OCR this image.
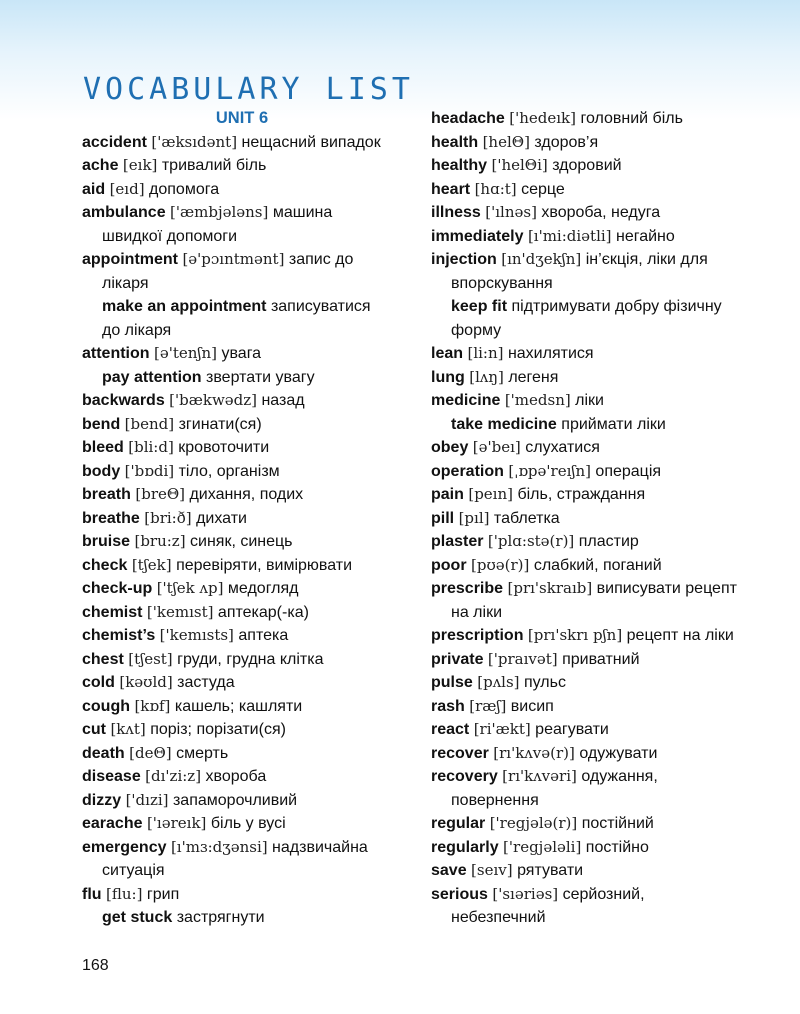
VOCABULARY LIST
UNIT 6
accident ['æksıdənt] нещасний випадок
ache [eık] тривалий біль
aid [eıd] допомога
ambulance ['æmbjələns] машина
швидкої допомоги
appointment [ə'pɔıntmənt] запис до
лікаря
make an appointment записуватися
до лікаря
attention [ə'tenʃn] увага
pay attention звертати увагу
backwards ['bækwədz] назад
bend [bend] згинати(ся)
bleed [bli:d] кровоточити
body ['bɒdi] тіло, організм
breath [breΘ] дихання, подих
breathe [bri:ð] дихати
bruise [bru:z] синяк, синець
check [tʃek] перевіряти, вимірювати
check-up ['tʃek ʌp] медогляд
chemist ['kemıst] аптекар(-ка)
chemist’s ['kemısts] аптека
chest [tʃest] груди, грудна клітка
cold [kəʊld] застуда
cough [kɒf] кашель; кашляти
cut [kʌt] поріз; порізати(ся)
death [deΘ] смерть
disease [dı'zi:z] хвороба
dizzy ['dızi] запаморочливий
earache ['ıəreık] біль у вусі
emergency [ı'mɜ:dʒənsi] надзвичайна
ситуація
flu [flu:] грип
get stuck застрягнути
headache ['hedeık] головний біль
health [helΘ] здоров’я
healthy ['helΘi] здоровий
heart [hɑ:t] серце
illness ['ılnəs] хвороба, недуга
immediately [ı'mi:diətli] негайно
injection [ın'dʒekʃn] ін’єкція, ліки для
впорскування
keep fit підтримувати добру фізичну
форму
lean [li:n] нахилятися
lung [lʌŋ] легеня
medicine ['medsn] ліки
take medicine приймати ліки
obey [ə'beı] слухатися
operation [ˌɒpə'reıʃn] операція
pain [peın] біль, страждання
pill [pıl] таблетка
plaster ['plɑ:stə(r)] пластир
poor [pʊə(r)] слабкий, поганий
prescribe [prı'skraıb] виписувати рецепт
на ліки
prescription [prı'skrı pʃn] рецепт на ліки
private ['praıvət] приватний
pulse [pʌls] пульс
rash [ræʃ] висип
react [ri'ækt] реагувати
recover [rı'kʌvə(r)] одужувати
recovery [rı'kʌvəri] одужання,
повернення
regular ['regjələ(r)] постійний
regularly ['regjələli] постійно
save [seıv] рятувати
serious ['sıəriəs] серйозний,
небезпечний
168
